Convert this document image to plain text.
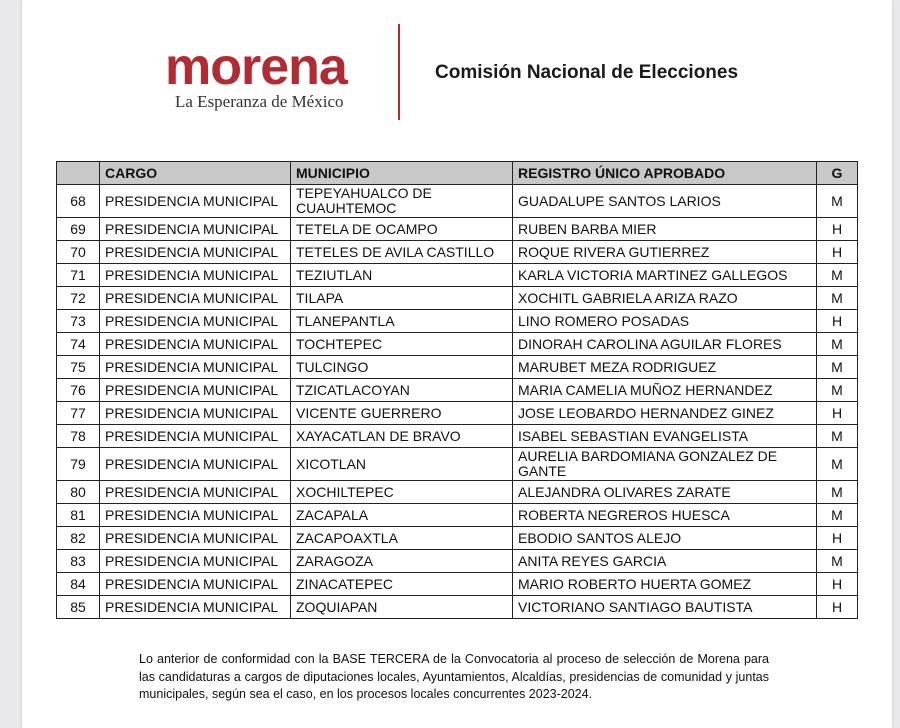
morena
La Esperanza de México
Comisión Nacional de Elecciones
	CARGO	MUNICIPIO	REGISTRO ÚNICO APROBADO	G
68	PRESIDENCIA MUNICIPAL	TEPEYAHUALCO DE CUAUHTEMOC	GUADALUPE SANTOS LARIOS	M
69	PRESIDENCIA MUNICIPAL	TETELA DE OCAMPO	RUBEN BARBA MIER	H
70	PRESIDENCIA MUNICIPAL	TETELES DE AVILA CASTILLO	ROQUE RIVERA GUTIERREZ	H
71	PRESIDENCIA MUNICIPAL	TEZIUTLAN	KARLA VICTORIA MARTINEZ GALLEGOS	M
72	PRESIDENCIA MUNICIPAL	TILAPA	XOCHITL GABRIELA ARIZA RAZO	M
73	PRESIDENCIA MUNICIPAL	TLANEPANTLA	LINO ROMERO POSADAS	H
74	PRESIDENCIA MUNICIPAL	TOCHTEPEC	DINORAH CAROLINA AGUILAR FLORES	M
75	PRESIDENCIA MUNICIPAL	TULCINGO	MARUBET MEZA RODRIGUEZ	M
76	PRESIDENCIA MUNICIPAL	TZICATLACOYAN	MARIA CAMELIA MUÑOZ HERNANDEZ	M
77	PRESIDENCIA MUNICIPAL	VICENTE GUERRERO	JOSE LEOBARDO HERNANDEZ GINEZ	H
78	PRESIDENCIA MUNICIPAL	XAYACATLAN DE BRAVO	ISABEL SEBASTIAN EVANGELISTA	M
79	PRESIDENCIA MUNICIPAL	XICOTLAN	AURELIA BARDOMIANA GONZALEZ DE GANTE	M
80	PRESIDENCIA MUNICIPAL	XOCHILTEPEC	ALEJANDRA OLIVARES ZARATE	M
81	PRESIDENCIA MUNICIPAL	ZACAPALA	ROBERTA NEGREROS HUESCA	M
82	PRESIDENCIA MUNICIPAL	ZACAPOAXTLA	EBODIO SANTOS ALEJO	H
83	PRESIDENCIA MUNICIPAL	ZARAGOZA	ANITA REYES GARCIA	M
84	PRESIDENCIA MUNICIPAL	ZINACATEPEC	MARIO ROBERTO HUERTA GOMEZ	H
85	PRESIDENCIA MUNICIPAL	ZOQUIAPAN	VICTORIANO SANTIAGO BAUTISTA	H
Lo anterior de conformidad con la BASE TERCERA de la Convocatoria al proceso de selección de Morena para las candidaturas a cargos de diputaciones locales, Ayuntamientos, Alcaldías, presidencias de comunidad y juntas municipales, según sea el caso, en los procesos locales concurrentes 2023-2024.
